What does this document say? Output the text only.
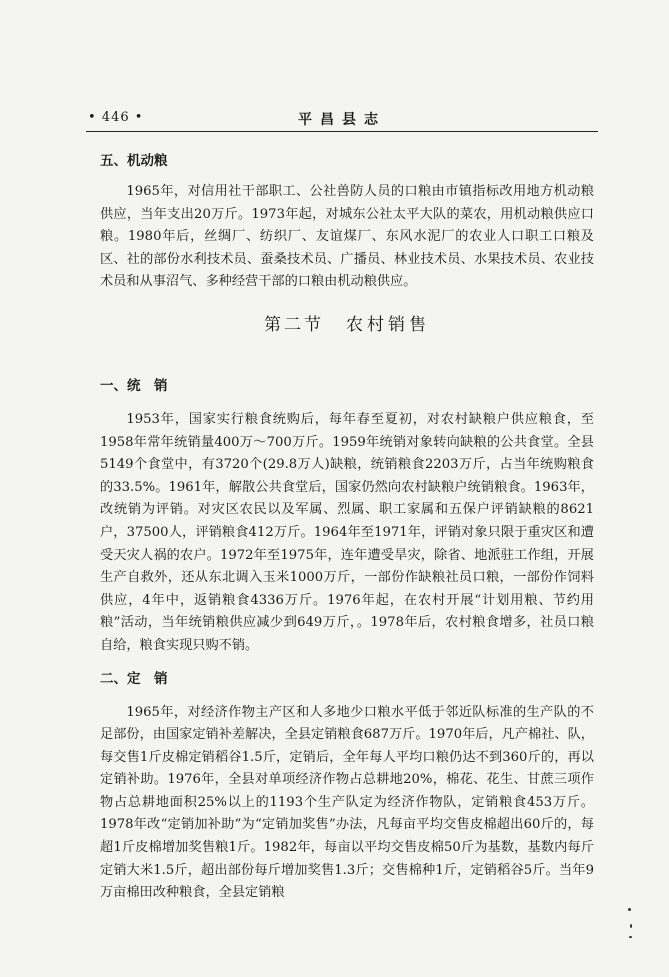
• 446 •	平昌县志

五、机动粮

1965年，对信用社干部职工、公社兽防人员的口粮由市镇指标改用地方机动粮供应，当年支出20万斤。1973年起，对城东公社太平大队的菜农，用机动粮供应口粮。1980年后，丝绸厂、纺织厂、友谊煤厂、东风水泥厂的农业人口职工口粮及区、社的部份水利技术员、蚕桑技术员、广播员、林业技术员、水果技术员、农业技术员和从事沼气、多种经营干部的口粮由机动粮供应。

第二节 农村销售

一、统　销

1953年，国家实行粮食统购后，每年春至夏初，对农村缺粮户供应粮食，至1958年常年统销量400万～700万斤。1959年统销对象转向缺粮的公共食堂。全县5149个食堂中，有3720个(29.8万人)缺粮，统销粮食2203万斤，占当年统购粮食的33.5%。1961年，解散公共食堂后，国家仍然向农村缺粮户统销粮食。1963年，改统销为评销。对灾区农民以及军属、烈属、职工家属和五保户评销缺粮的8621户，37500人，评销粮食412万斤。1964年至1971年，评销对象只限于重灾区和遭受天灾人祸的农户。1972年至1975年，连年遭受旱灾，除省、地派驻工作组，开展生产自救外，还从东北调入玉米1000万斤，一部份作缺粮社员口粮，一部份作饲料供应，4年中，返销粮食4336万斤。1976年起，在农村开展“计划用粮、节约用粮”活动，当年统销粮供应减少到649万斤，。1978年后，农村粮食增多，社员口粮自给，粮食实现只购不销。

二、定　销

1965年，对经济作物主产区和人多地少口粮水平低于邻近队标准的生产队的不足部份，由国家定销补差解决，全县定销粮食687万斤。1970年后，凡产棉社、队，每交售1斤皮棉定销稻谷1.5斤，定销后，全年每人平均口粮仍达不到360斤的，再以定销补助。1976年，全县对单项经济作物占总耕地20%，棉花、花生、甘蔗三项作物占总耕地面积25%以上的1193个生产队定为经济作物队，定销粮食453万斤。1978年改“定销加补助”为“定销加奖售”办法，凡每亩平均交售皮棉超出60斤的，每超1斤皮棉增加奖售粮1斤。1982年，每亩以平均交售皮棉50斤为基数，基数内每斤定销大米1.5斤，超出部份每斤增加奖售1.3斤；交售棉种1斤，定销稻谷5斤。当年9万亩棉田改种粮食，全县定销粮
